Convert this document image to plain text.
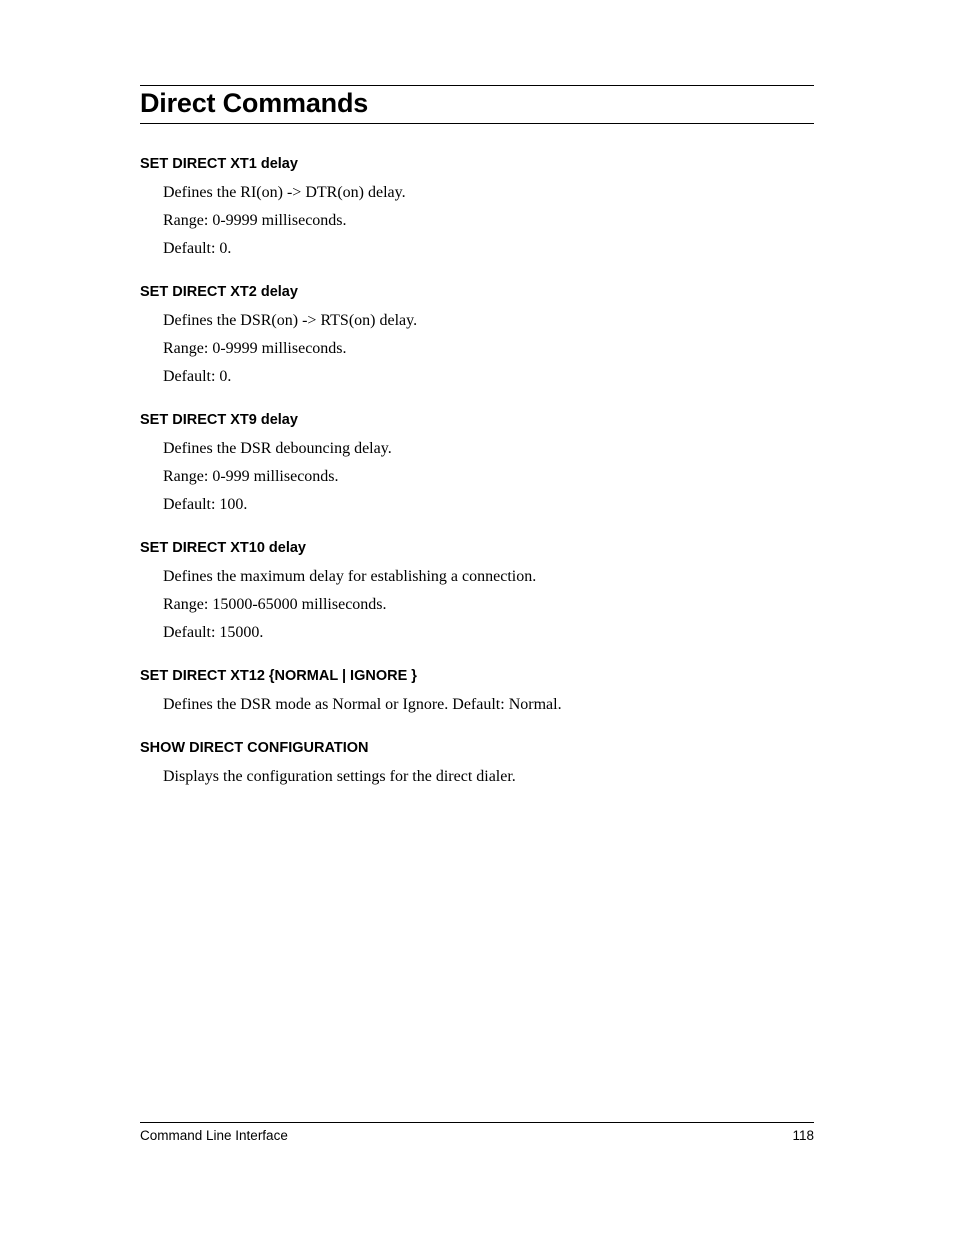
Direct Commands
SET DIRECT XT1 delay
Defines the RI(on) -> DTR(on) delay.
Range: 0-9999 milliseconds.
Default: 0.
SET DIRECT XT2 delay
Defines the DSR(on) -> RTS(on) delay.
Range: 0-9999 milliseconds.
Default: 0.
SET DIRECT XT9 delay
Defines the DSR debouncing delay.
Range: 0-999 milliseconds.
Default: 100.
SET DIRECT XT10 delay
Defines the maximum delay for establishing a connection.
Range: 15000-65000 milliseconds.
Default: 15000.
SET DIRECT XT12 {NORMAL | IGNORE }
Defines the DSR mode as Normal or Ignore. Default: Normal.
SHOW DIRECT CONFIGURATION
Displays the configuration settings for the direct dialer.
Command Line Interface	118
